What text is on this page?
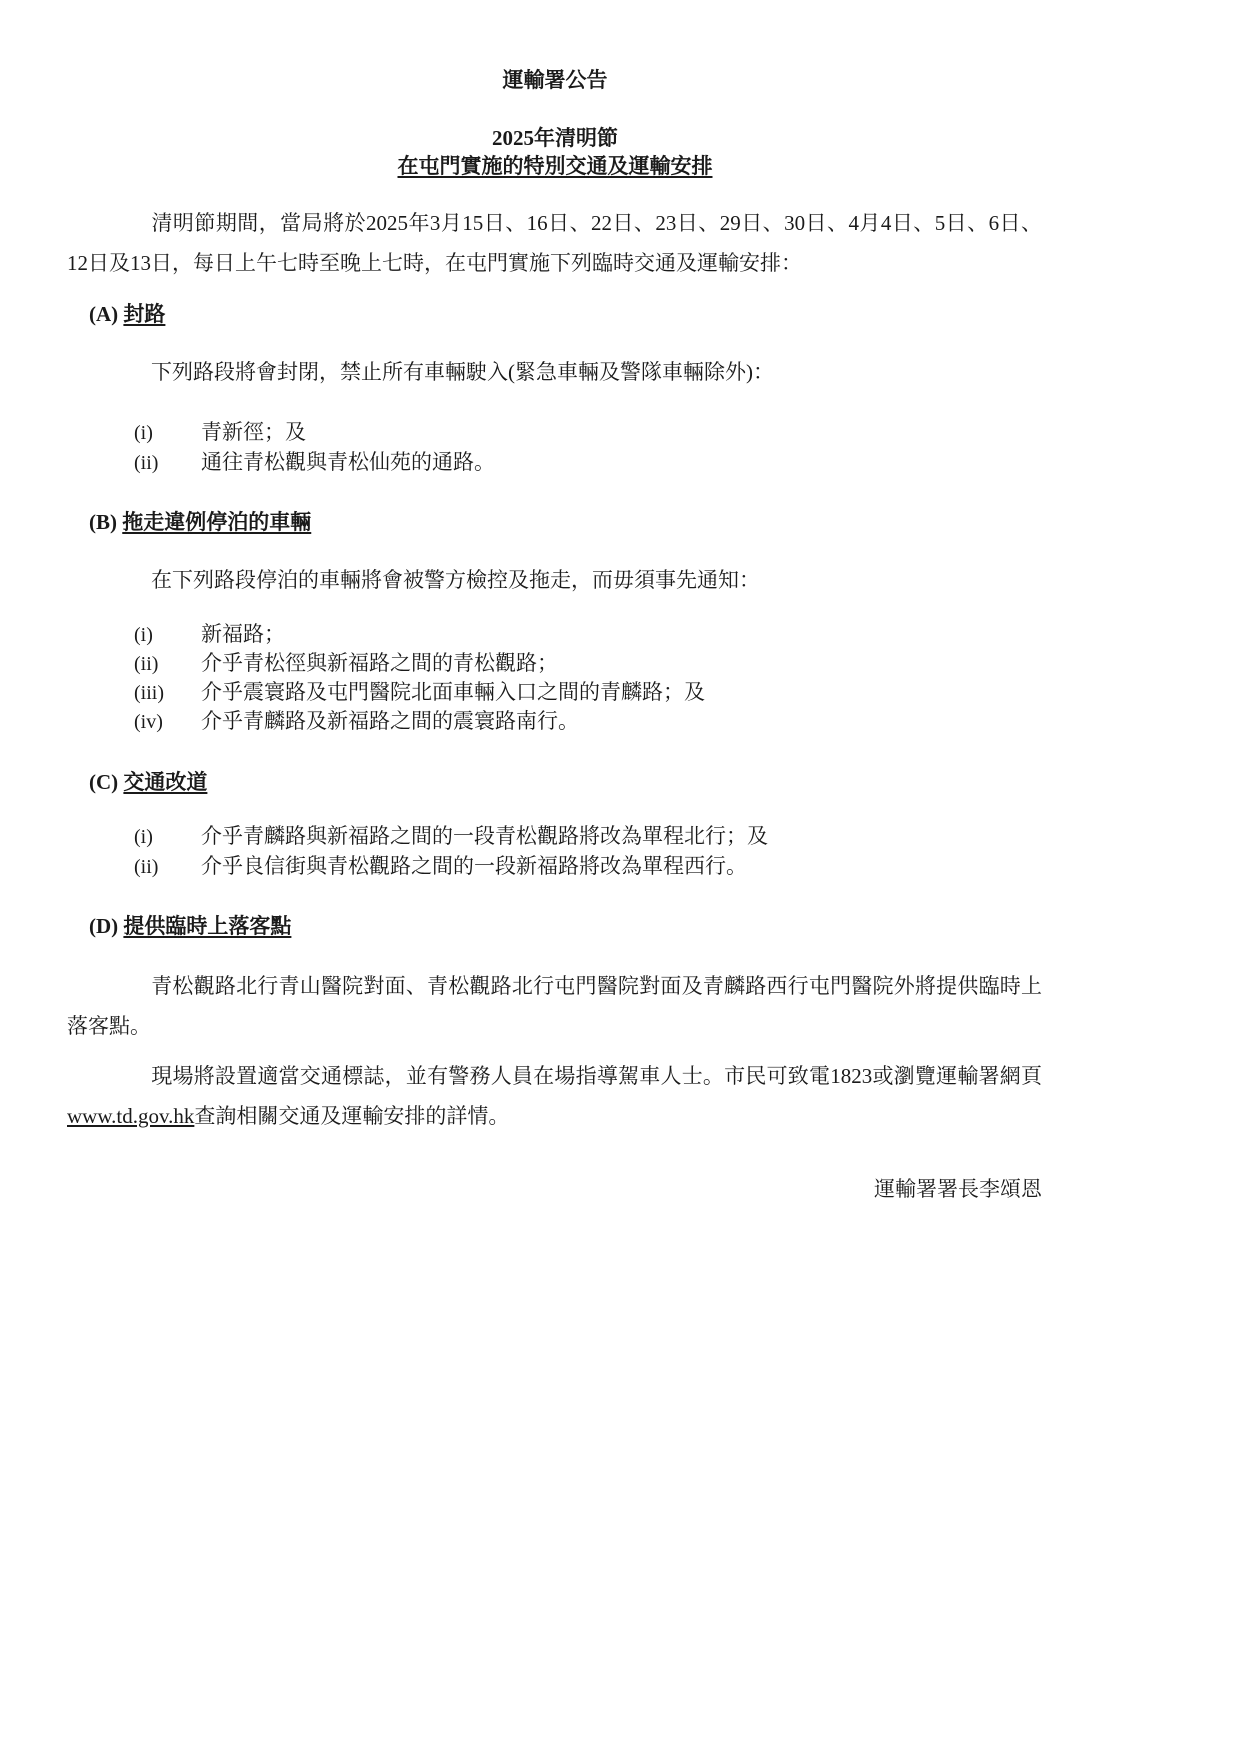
運輸署公告
2025年清明節
在屯門實施的特別交通及運輸安排
清明節期間，當局將於2025年3月15日、16日、22日、23日、29日、30日、4月4日、5日、6日、12日及13日，每日上午七時至晚上七時，在屯門實施下列臨時交通及運輸安排：
(A) 封路
下列路段將會封閉，禁止所有車輛駛入(緊急車輛及警隊車輛除外)：
(i) 青新徑；及
(ii) 通往青松觀與青松仙苑的通路。
(B) 拖走違例停泊的車輛
在下列路段停泊的車輛將會被警方檢控及拖走，而毋須事先通知：
(i) 新福路；
(ii) 介乎青松徑與新福路之間的青松觀路；
(iii) 介乎震寰路及屯門醫院北面車輛入口之間的青麟路；及
(iv) 介乎青麟路及新福路之間的震寰路南行。
(C) 交通改道
(i) 介乎青麟路與新福路之間的一段青松觀路將改為單程北行；及
(ii) 介乎良信街與青松觀路之間的一段新福路將改為單程西行。
(D) 提供臨時上落客點
青松觀路北行青山醫院對面、青松觀路北行屯門醫院對面及青麟路西行屯門醫院外將提供臨時上落客點。
現場將設置適當交通標誌，並有警務人員在場指導駕車人士。市民可致電1823或瀏覽運輸署網頁www.td.gov.hk查詢相關交通及運輸安排的詳情。
運輸署署長李頌恩
